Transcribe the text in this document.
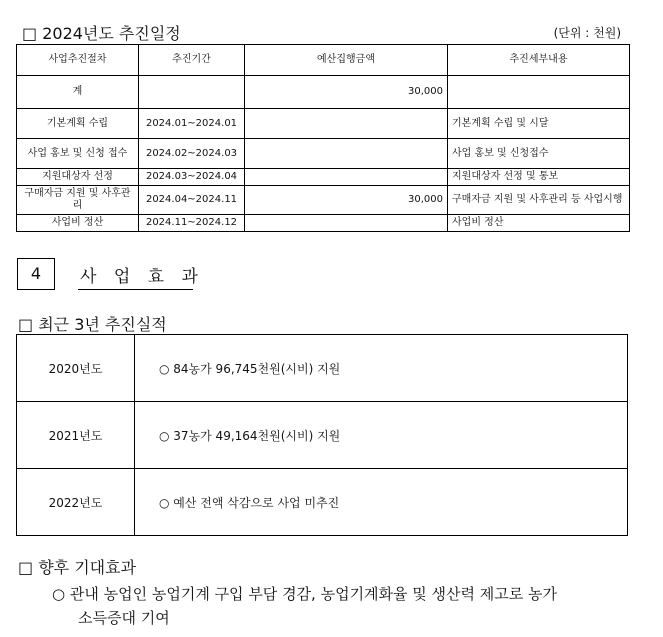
□ 2024년도 추진일정	(단위 : 천원)
사업추진절차	추진기간	예산집행금액	추진세부내용
계		30,000	
기본계획 수립	2024.01~2024.01		기본계획 수립 및 시달
사업 홍보 및 신청 접수	2024.02~2024.03		사업 홍보 및 신청접수
지원대상자 선정	2024.03~2024.04		지원대상자 선정 및 통보
구매자금 지원 및 사후관리	2024.04~2024.11	30,000	구매자금 지원 및 사후관리 등 사업시행
사업비 정산	2024.11~2024.12		사업비 정산
4	사 업 효 과
□ 최근 3년 추진실적
2020년도	○ 84농가 96,745천원(시비) 지원
2021년도	○ 37농가 49,164천원(시비) 지원
2022년도	○ 예산 전액 삭감으로 사업 미추진
□ 향후 기대효과
○ 관내 농업인 농업기계 구입 부담 경감, 농업기계화율 및 생산력 제고로 농가
소득증대 기여
